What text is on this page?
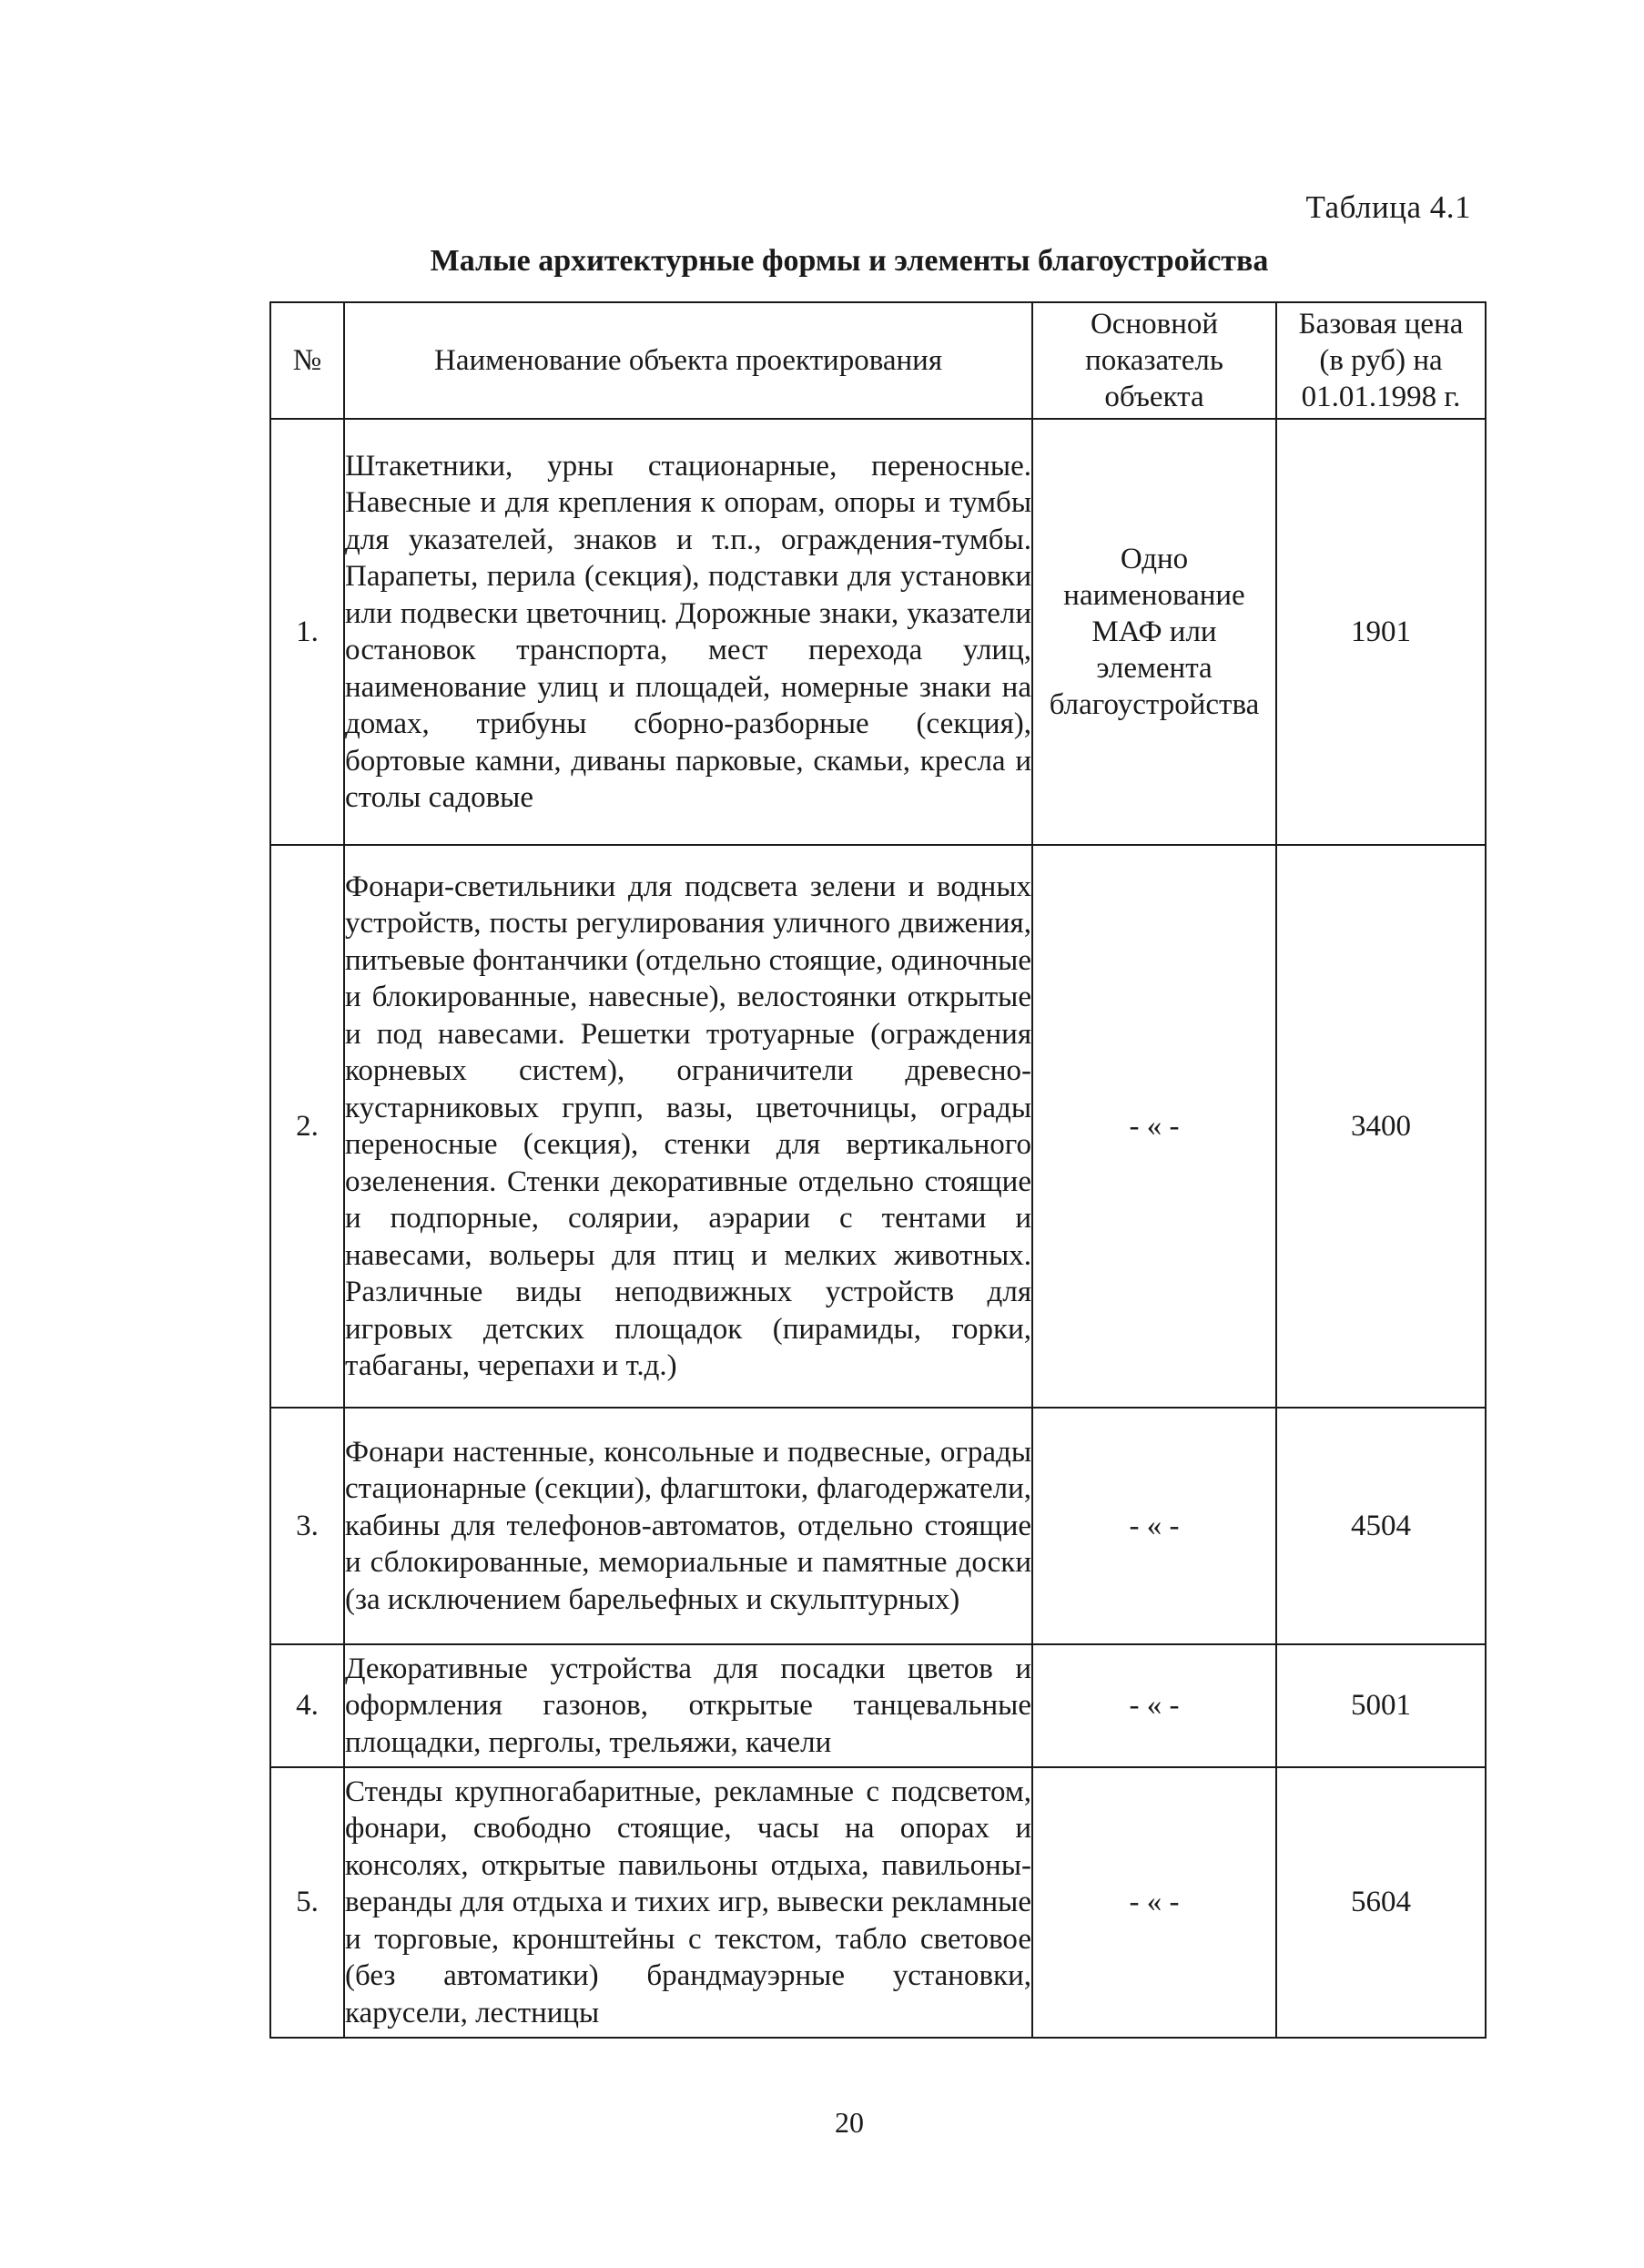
Таблица 4.1
Малые архитектурные формы и элементы благоустройства
№	Наименование объекта проектирования	Основной показатель объекта	Базовая цена (в руб) на 01.01.1998 г.
1.	Штакетники, урны стационарные, переносные. Навесные и для крепления к опорам, опоры и тумбы для указателей, знаков и т.п., ограждения-тумбы. Парапеты, перила (секция), подставки для установки или подвески цветочниц. Дорожные знаки, указатели остановок транспорта, мест перехода улиц, наименование улиц и площадей, номерные знаки на домах, трибуны сборно-разборные (секция), бортовые камни, диваны парковые, скамьи, кресла и столы садовые	Одно наименование МАФ или элемента благоустройства	1901
2.	Фонари-светильники для подсвета зелени и водных устройств, посты регулирования уличного движения, питьевые фонтанчики (отдельно стоящие, одиночные и блокированные, навесные), велостоянки открытые и под навесами. Решетки тротуарные (ограждения корневых систем), ограничители древесно-кустарниковых групп, вазы, цветочницы, ограды переносные (секция), стенки для вертикального озеленения. Стенки декоративные отдельно стоящие и подпорные, солярии, аэрарии с тентами и навесами, вольеры для птиц и мелких животных. Различные виды неподвижных устройств для игровых детских площадок (пирамиды, горки, табаганы, черепахи и т.д.)	- « -	3400
3.	Фонари настенные, консольные и подвесные, ограды стационарные (секции), флагштоки, флагодержатели, кабины для телефонов-автоматов, отдельно стоящие и сблокированные, мемориальные и памятные доски (за исключением барельефных и скульптурных)	- « -	4504
4.	Декоративные устройства для посадки цветов и оформления газонов, открытые танцевальные площадки, перголы, трельяжи, качели	- « -	5001
5.	Стенды крупногабаритные, рекламные с подсветом, фонари, свободно стоящие, часы на опорах и консолях, открытые павильоны отдыха, павильоны-веранды для отдыха и тихих игр, вывески рекламные и торговые, кронштейны с текстом, табло световое (без автоматики) брандмауэрные установки, карусели, лестницы	- « -	5604
20
